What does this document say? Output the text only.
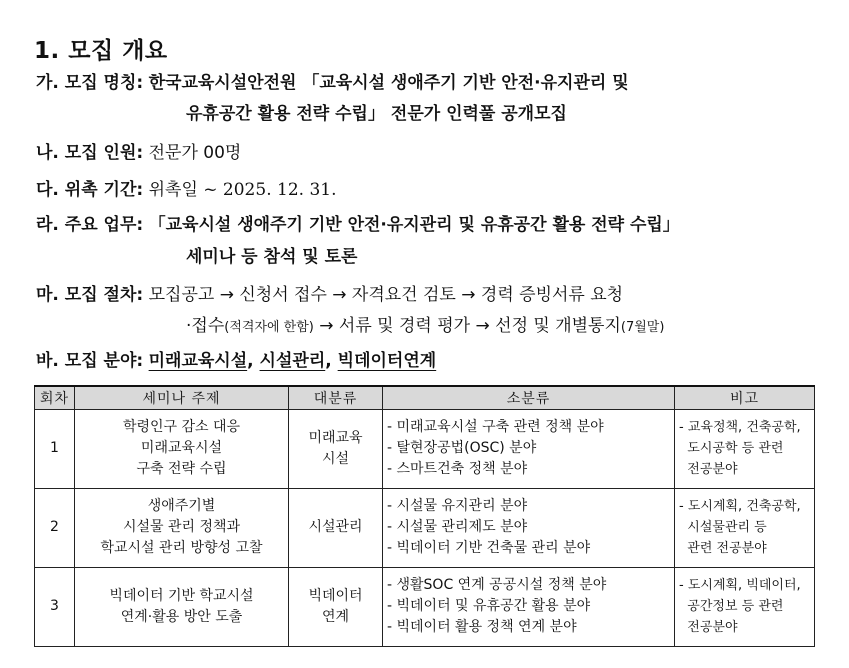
1. 모집 개요
가. 모집 명칭: 한국교육시설안전원 「교육시설 생애주기 기반 안전·유지관리 및
유휴공간 활용 전략 수립」 전문가 인력풀 공개모집
나. 모집 인원: 전문가 00명
다. 위촉 기간: 위촉일 ~ 2025. 12. 31.
라. 주요 업무: 「교육시설 생애주기 기반 안전·유지관리 및 유휴공간 활용 전략 수립」
세미나 등 참석 및 토론
마. 모집 절차: 모집공고 → 신청서 접수 → 자격요건 검토 → 경력 증빙서류 요청
·접수(적격자에 한함) → 서류 및 경력 평가 → 선정 및 개별통지(7월말)
바. 모집 분야: 미래교육시설, 시설관리, 빅데이터연계
회차	세미나 주제	대분류	소분류	비고
1	학령인구 감소 대응
미래교육시설
구축 전략 수립	미래교육
시설	- 미래교육시설 구축 관련 정책 분야
- 탈현장공법(OSC) 분야
- 스마트건축 정책 분야	- 교육정책, 건축공학,
도시공학 등 관련
전공분야

2	생애주기별
시설물 관리 정책과
학교시설 관리 방향성 고찰	시설관리	- 시설물 유지관리 분야
- 시설물 관리제도 분야
- 빅데이터 기반 건축물 관리 분야	- 도시계획, 건축공학,
시설물관리 등
관련 전공분야

3	빅데이터 기반 학교시설
연계·활용 방안 도출	빅데이터
연계	- 생활SOC 연계 공공시설 정책 분야
- 빅데이터 및 유휴공간 활용 분야
- 빅데이터 활용 정책 연계 분야	- 도시계획, 빅데이터,
공간정보 등 관련
전공분야
